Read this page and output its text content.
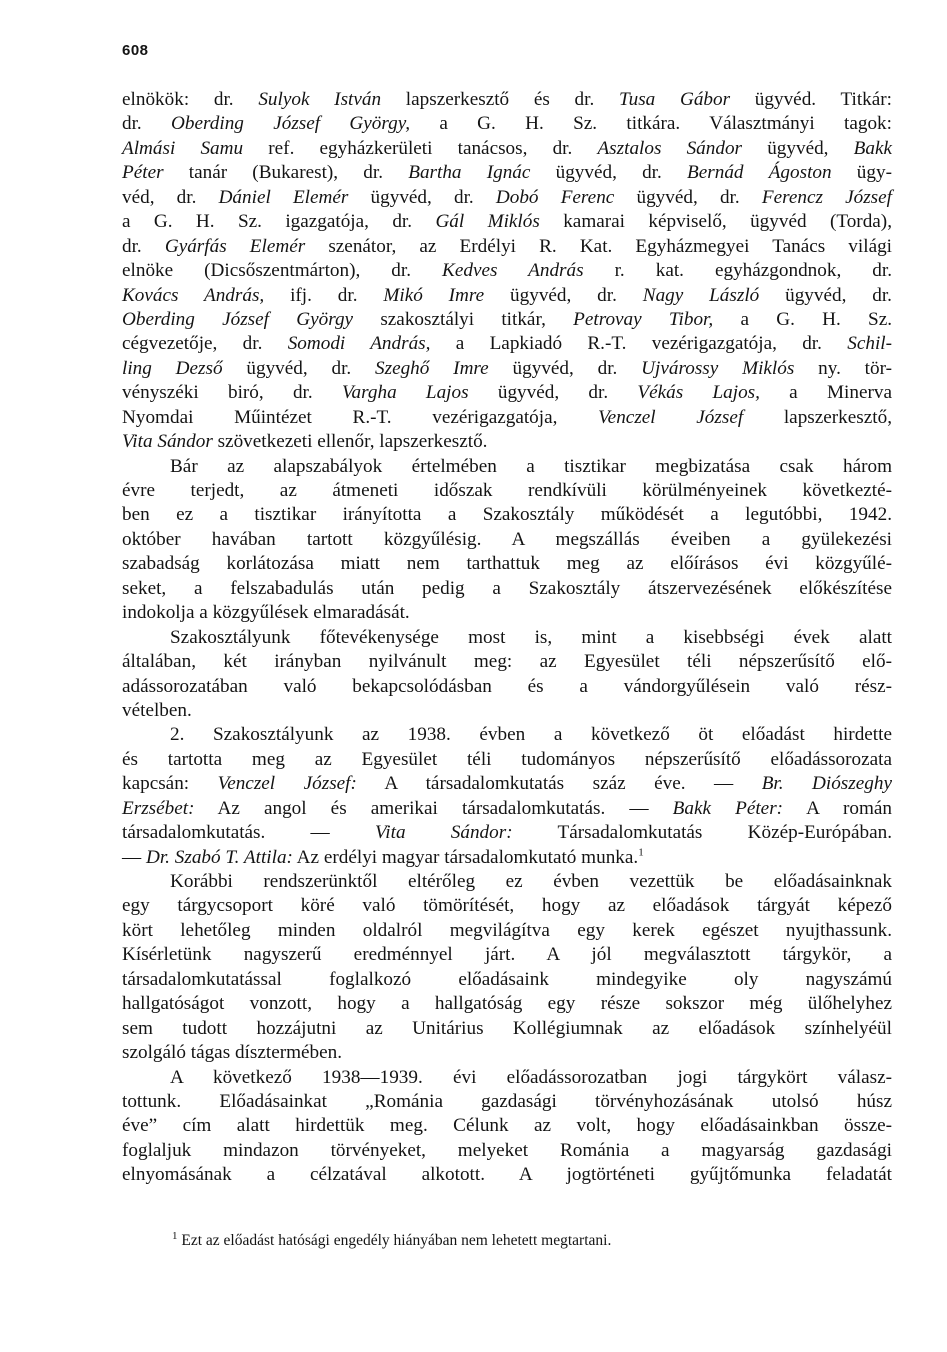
608
elnökök: dr. Sulyok István lapszerkesztő és dr. Tusa Gábor ügyvéd. Titkár:
dr. Oberding József György, a G. H. Sz. titkára. Választmányi tagok:
Almási Samu ref. egyházkerületi tanácsos, dr. Asztalos Sándor ügyvéd, Bakk
Péter tanár (Bukarest), dr. Bartha Ignác ügyvéd, dr. Bernád Ágoston ügy-
véd, dr. Dániel Elemér ügyvéd, dr. Dobó Ferenc ügyvéd, dr. Ferencz József
a G. H. Sz. igazgatója, dr. Gál Miklós kamarai képviselő, ügyvéd (Torda),
dr. Gyárfás Elemér szenátor, az Erdélyi R. Kat. Egyházmegyei Tanács világi
elnöke (Dicsőszentmárton), dr. Kedves András r. kat. egyházgondnok, dr.
Kovács András, ifj. dr. Mikó Imre ügyvéd, dr. Nagy László ügyvéd, dr.
Oberding József György szakosztályi titkár, Petrovay Tibor, a G. H. Sz.
cégvezetője, dr. Somodi András, a Lapkiadó R.-T. vezérigazgatója, dr. Schil-
ling Dezső ügyvéd, dr. Szeghő Imre ügyvéd, dr. Ujvárossy Miklós ny. tör-
vényszéki biró, dr. Vargha Lajos ügyvéd, dr. Vékás Lajos, a Minerva
Nyomdai Műintézet R.-T. vezérigazgatója, Venczel József lapszerkesztő,
Vita Sándor szövetkezeti ellenőr, lapszerkesztő.
Bár az alapszabályok értelmében a tisztikar megbizatása csak három
évre terjedt, az átmeneti időszak rendkívüli körülményeinek következté-
ben ez a tisztikar irányította a Szakosztály működését a legutóbbi, 1942.
október havában tartott közgyűlésig. A megszállás éveiben a gyülekezési
szabadság korlátozása miatt nem tarthattuk meg az előírásos évi közgyűlé-
seket, a felszabadulás után pedig a Szakosztály átszervezésének előkészítése
indokolja a közgyűlések elmaradását.
Szakosztályunk főtevékenysége most is, mint a kisebbségi évek alatt
általában, két irányban nyilvánult meg: az Egyesület téli népszerűsítő elő-
adássorozatában való bekapcsolódásban és a vándorgyűlésein való rész-
vételben.
2. Szakosztályunk az 1938. évben a következő öt előadást hirdette
és tartotta meg az Egyesület téli tudományos népszerűsítő előadássorozata
kapcsán: Venczel József: A társadalomkutatás száz éve. — Br. Diószeghy
Erzsébet: Az angol és amerikai társadalomkutatás. — Bakk Péter: A román
társadalomkutatás. — Vita Sándor: Társadalomkutatás Közép-Európában.
— Dr. Szabó T. Attila: Az erdélyi magyar társadalomkutató munka.$^1$
Korábbi rendszerünktől eltérőleg ez évben vezettük be előadásainknak
egy tárgycsoport köré való tömörítését, hogy az előadások tárgyát képező
kört lehetőleg minden oldalról megvilágítva egy kerek egészet nyujthassunk.
Kísérletünk nagyszerű eredménnyel járt. A jól megválasztott tárgykör, a
társadalomkutatással foglalkozó előadásaink mindegyike oly nagyszámú
hallgatóságot vonzott, hogy a hallgatóság egy része sokszor még ülőhelyhez
sem tudott hozzájutni az Unitárius Kollégiumnak az előadások színhelyéül
szolgáló tágas dísztermében.
A következő 1938—1939. évi előadássorozatban jogi tárgykört válasz-
tottunk. Előadásainkat „Románia gazdasági törvényhozásának utolsó húsz
éve” cím alatt hirdettük meg. Célunk az volt, hogy előadásainkban össze-
foglaljuk mindazon törvényeket, melyeket Románia a magyarság gazdasági
elnyomásának a célzatával alkotott. A jogtörténeti gyűjtőmunka feladatát
$^1$ Ezt az előadást hatósági engedély hiányában nem lehetett megtartani.
